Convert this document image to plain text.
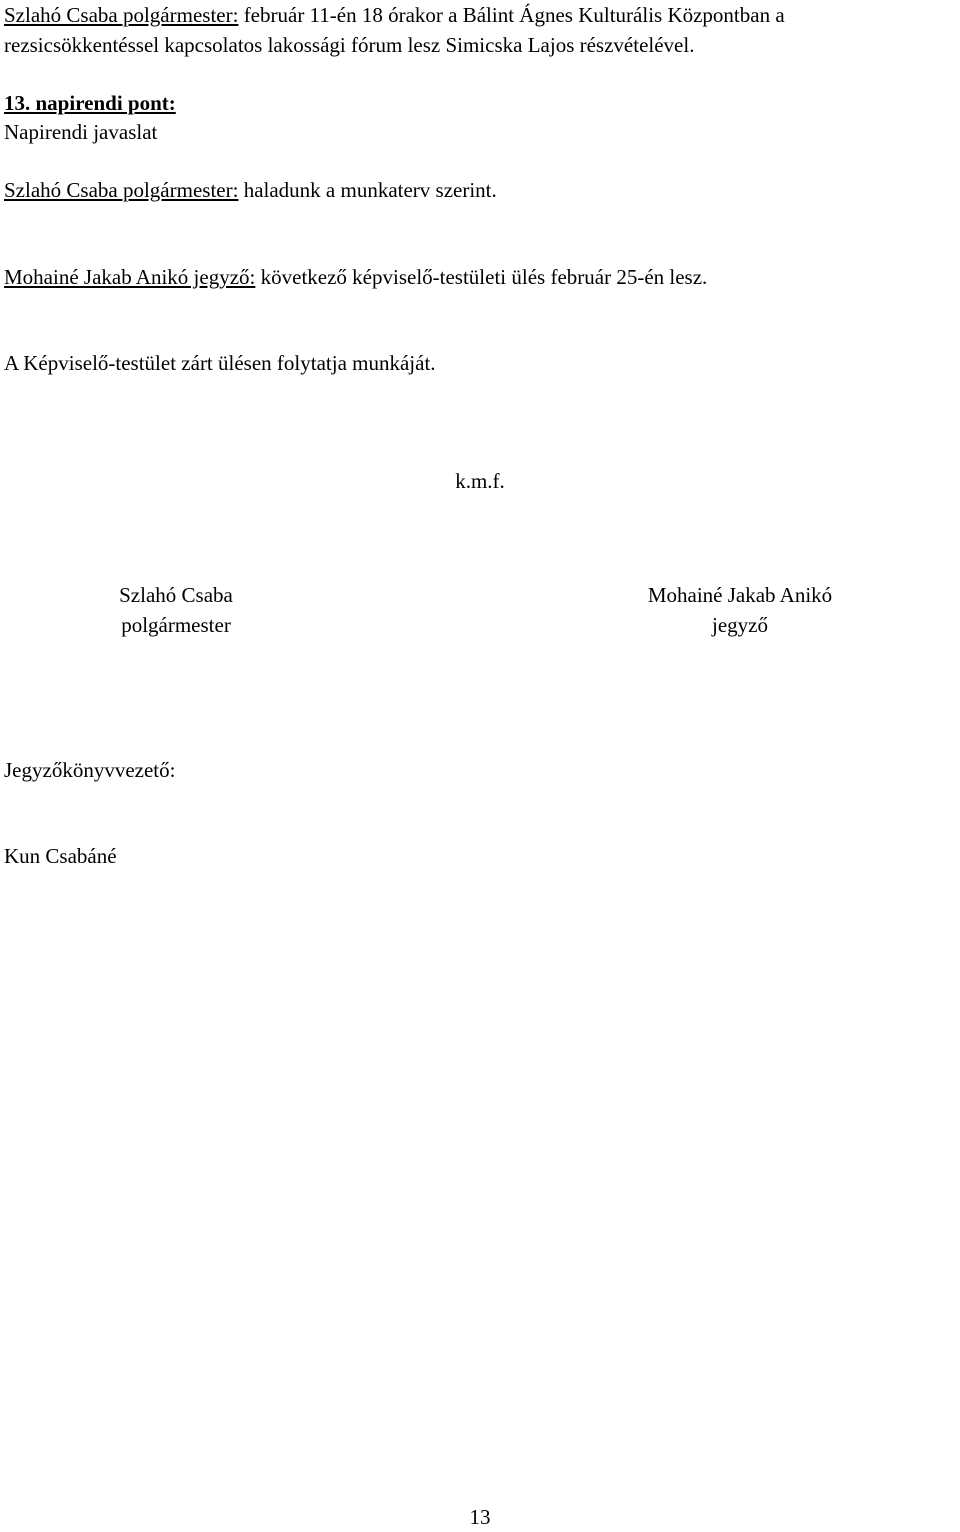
Szlahó Csaba polgármester: február 11-én 18 órakor a Bálint Ágnes Kulturális Központban a
rezsicsökkentéssel kapcsolatos lakossági fórum lesz Simicska Lajos részvételével.
13. napirendi pont:
Napirendi javaslat
Szlahó Csaba polgármester: haladunk a munkaterv szerint.
Mohainé Jakab Anikó jegyző: következő képviselő-testületi ülés február 25-én lesz.
A Képviselő-testület zárt ülésen folytatja munkáját.
k.m.f.
Szlahó Csaba
polgármester
Mohainé Jakab Anikó
jegyző
Jegyzőkönyvvezető:
Kun Csabáné
13
